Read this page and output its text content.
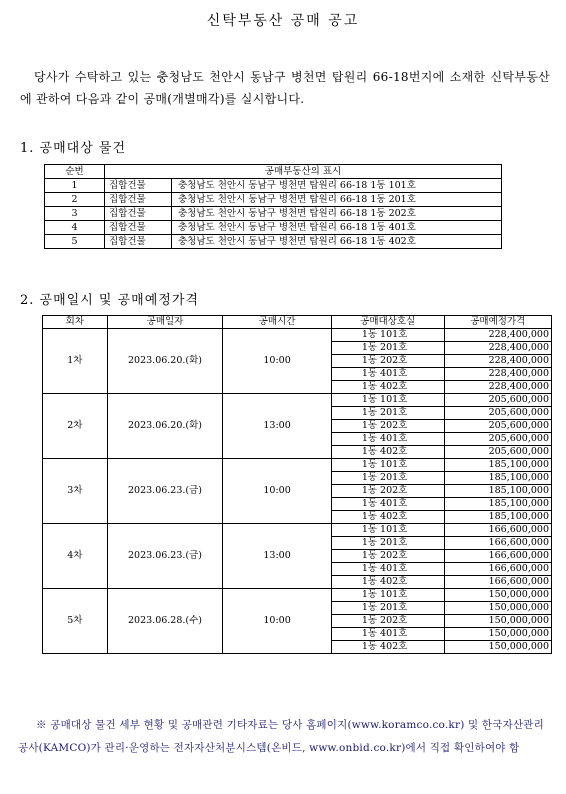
신탁부동산 공매 공고
당사가 수탁하고 있는 충청남도 천안시 동남구 병천면 탑원리 66-18번지에 소재한 신탁부동산에 관하여 다음과 같이 공매(개별매각)를 실시합니다.
1. 공매대상 물건
순번	공매부동산의 표시	
1	집합건물	충청남도 천안시 동남구 병천면 탑원리 66-18 1동 101호
2	집합건물	충청남도 천안시 동남구 병천면 탑원리 66-18 1동 201호
3	집합건물	충청남도 천안시 동남구 병천면 탑원리 66-18 1동 202호
4	집합건물	충청남도 천안시 동남구 병천면 탑원리 66-18 1동 401호
5	집합건물	충청남도 천안시 동남구 병천면 탑원리 66-18 1동 402호
2. 공매일시 및 공매예정가격
회차	공매일자	공매시간	공매대상호실	공매예정가격
1차	2023.06.20.(화)	10:00	1동 101호	228,400,000
			1동 201호	228,400,000
			1동 202호	228,400,000
			1동 401호	228,400,000
			1동 402호	228,400,000
2차	2023.06.20.(화)	13:00	1동 101호	205,600,000
			1동 201호	205,600,000
			1동 202호	205,600,000
			1동 401호	205,600,000
			1동 402호	205,600,000
3차	2023.06.23.(금)	10:00	1동 101호	185,100,000
			1동 201호	185,100,000
			1동 202호	185,100,000
			1동 401호	185,100,000
			1동 402호	185,100,000
4차	2023.06.23.(금)	13:00	1동 101호	166,600,000
			1동 201호	166,600,000
			1동 202호	166,600,000
			1동 401호	166,600,000
			1동 402호	166,600,000
5차	2023.06.28.(수)	10:00	1동 101호	150,000,000
			1동 201호	150,000,000
			1동 202호	150,000,000
			1동 401호	150,000,000
			1동 402호	150,000,000
※ 공매대상 물건 세부 현황 및 공매관련 기타자료는 당사 홈페이지(www.koramco.co.kr) 및 한국자산관리공사(KAMCO)가 관리·운영하는 전자자산처분시스템(온비드, www.onbid.co.kr)에서 직접 확인하여야 함
